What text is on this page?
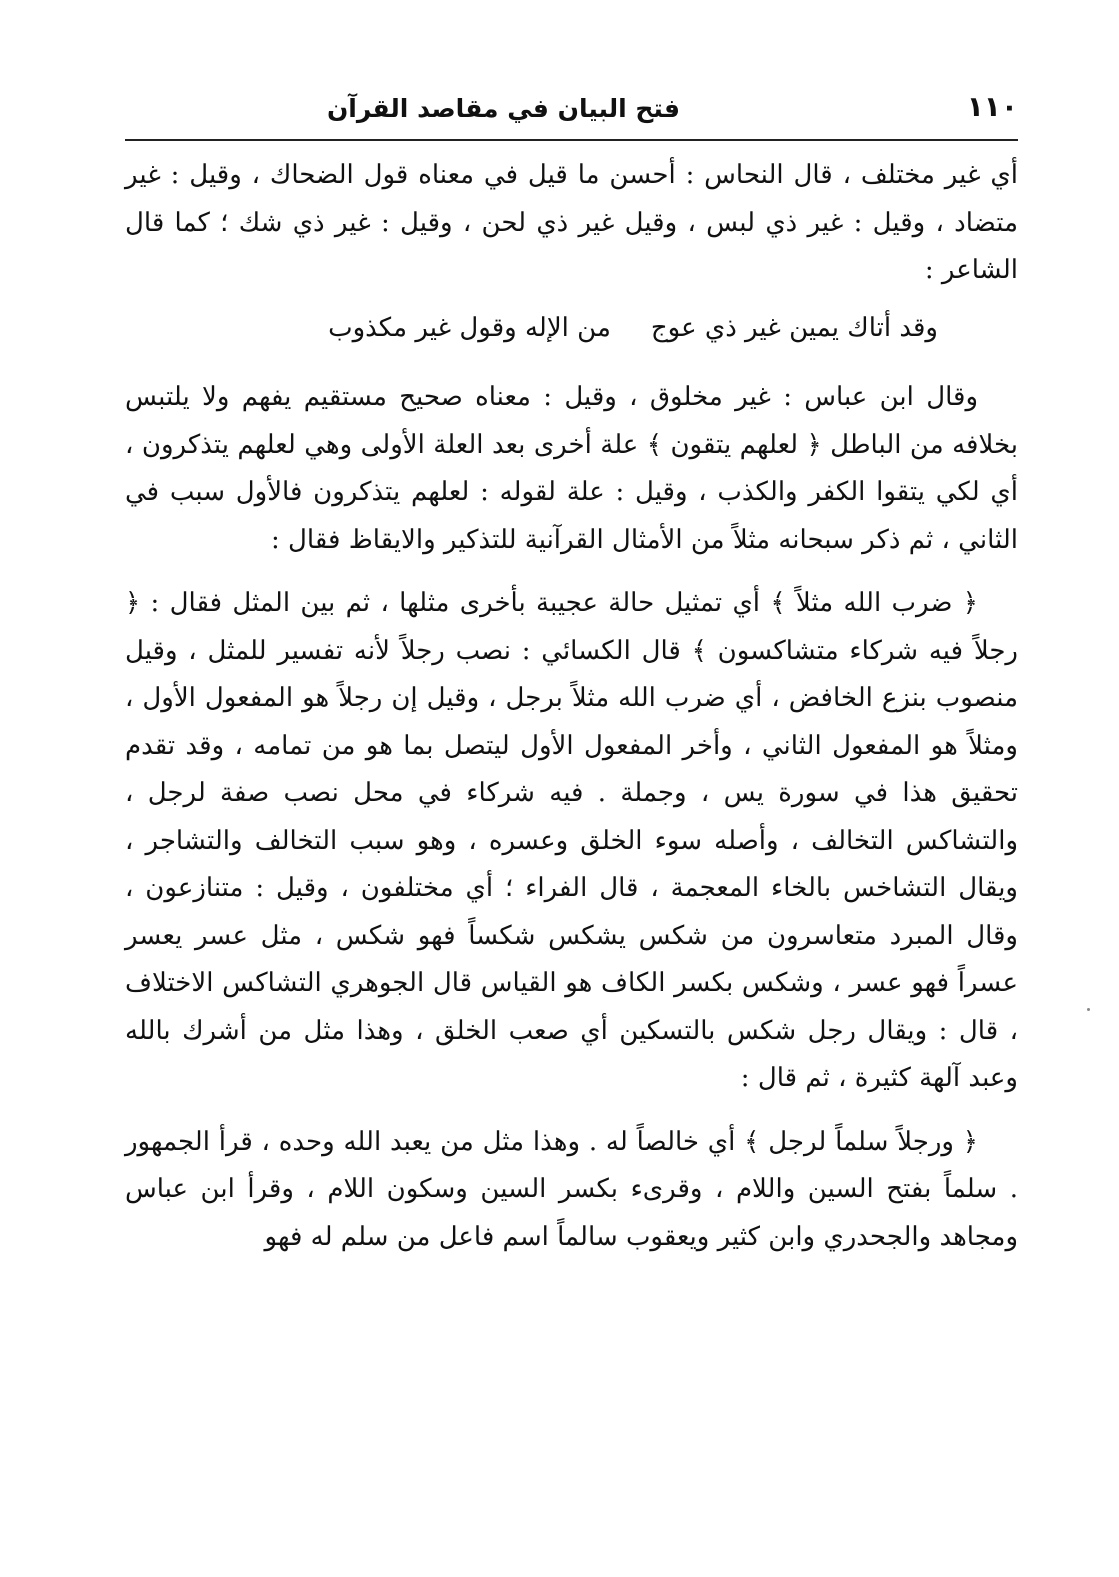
١١٠
فتح البيان في مقاصد القرآن

أي غير مختلف ، قال النحاس : أحسن ما قيل في معناه قول الضحاك ، وقيل : غير متضاد ، وقيل : غير ذي لبس ، وقيل غير ذي لحن ، وقيل : غير ذي شك ؛ كما قال الشاعر :

وقد أتاك يمين غير ذي عوج
من الإله وقول غير مكذوب

وقال ابن عباس : غير مخلوق ، وقيل : معناه صحيح مستقيم يفهم ولا يلتبس بخلافه من الباطل ﴿ لعلهم يتقون ﴾ علة أخرى بعد العلة الأولى وهي لعلهم يتذكرون ، أي لكي يتقوا الكفر والكذب ، وقيل : علة لقوله : لعلهم يتذكرون فالأول سبب في الثاني ، ثم ذكر سبحانه مثلاً من الأمثال القرآنية للتذكير والايقاظ فقال :

﴿ ضرب الله مثلاً ﴾ أي تمثيل حالة عجيبة بأخرى مثلها ، ثم بين المثل فقال : ﴿ رجلاً فيه شركاء متشاكسون ﴾ قال الكسائي : نصب رجلاً لأنه تفسير للمثل ، وقيل منصوب بنزع الخافض ، أي ضرب الله مثلاً برجل ، وقيل إن رجلاً هو المفعول الأول ، ومثلاً هو المفعول الثاني ، وأخر المفعول الأول ليتصل بما هو من تمامه ، وقد تقدم تحقيق هذا في سورة يس ، وجملة . فيه شركاء في محل نصب صفة لرجل ، والتشاكس التخالف ، وأصله سوء الخلق وعسره ، وهو سبب التخالف والتشاجر ، ويقال التشاخس بالخاء المعجمة ، قال الفراء ؛ أي مختلفون ، وقيل : متنازعون ، وقال المبرد متعاسرون من شكس يشكس شكساً فهو شكس ، مثل عسر يعسر عسراً فهو عسر ، وشكس بكسر الكاف هو القياس قال الجوهري التشاكس الاختلاف ، قال : ويقال رجل شكس بالتسكين أي صعب الخلق ، وهذا مثل من أشرك بالله وعبد آلهة كثيرة ، ثم قال :

﴿ ورجلاً سلماً لرجل ﴾ أي خالصاً له . وهذا مثل من يعبد الله وحده ، قرأ الجمهور . سلماً بفتح السين واللام ، وقرىء بكسر السين وسكون اللام ، وقرأ ابن عباس ومجاهد والجحدري وابن كثير ويعقوب سالماً اسم فاعل من سلم له فهو
